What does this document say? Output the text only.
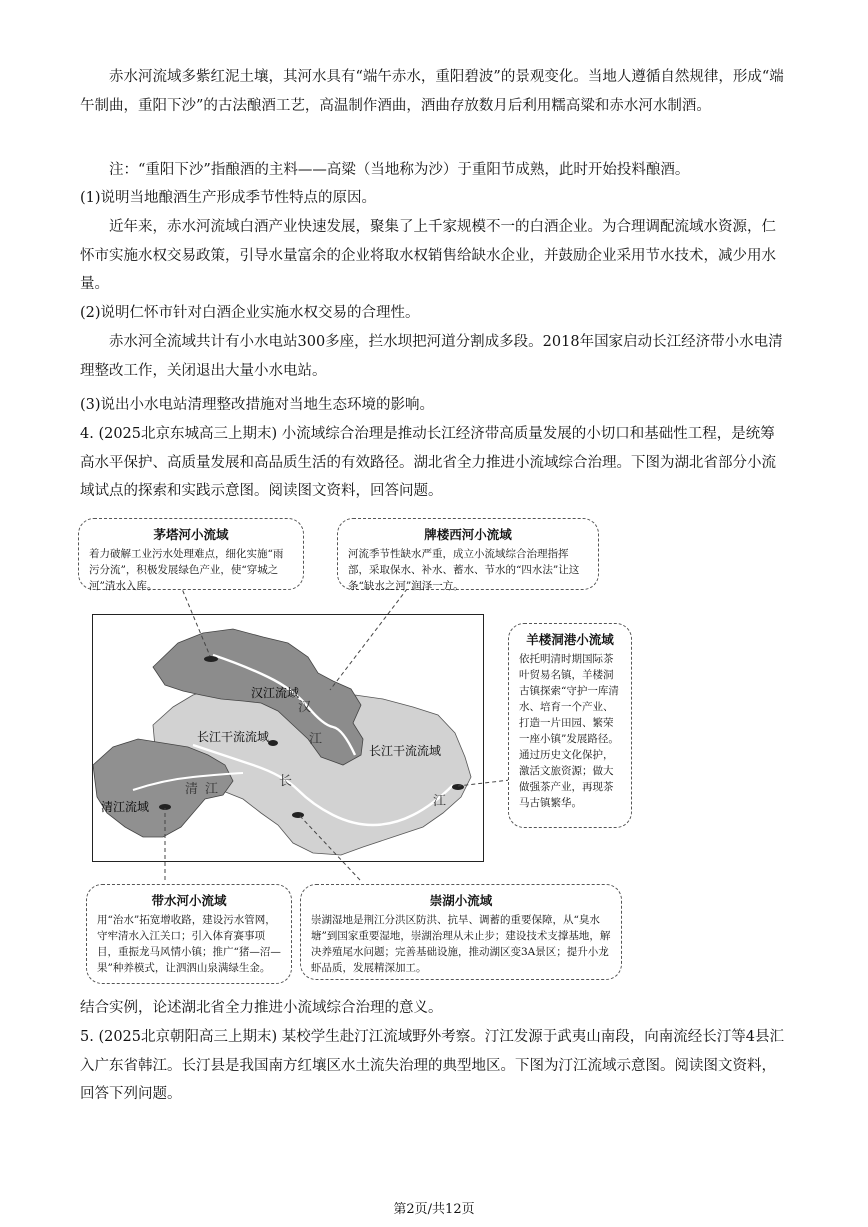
赤水河流域多紫红泥土壤，其河水具有“端午赤水，重阳碧波”的景观变化。当地人遵循自然规律，形成“端午制曲，重阳下沙”的古法酿酒工艺，高温制作酒曲，酒曲存放数月后利用糯高粱和赤水河水制酒。

注：“重阳下沙”指酿酒的主料——高粱（当地称为沙）于重阳节成熟，此时开始投料酿酒。

(1)说明当地酿酒生产形成季节性特点的原因。

近年来，赤水河流域白酒产业快速发展，聚集了上千家规模不一的白酒企业。为合理调配流域水资源，仁怀市实施水权交易政策，引导水量富余的企业将取水权销售给缺水企业，并鼓励企业采用节水技术，减少用水量。

(2)说明仁怀市针对白酒企业实施水权交易的合理性。

赤水河全流域共计有小水电站300多座，拦水坝把河道分割成多段。2018年国家启动长江经济带小水电清理整改工作，关闭退出大量小水电站。

(3)说出小水电站清理整改措施对当地生态环境的影响。

4. (2025北京东城高三上期末) 小流域综合治理是推动长江经济带高质量发展的小切口和基础性工程，是统筹高水平保护、高质量发展和高品质生活的有效路径。湖北省全力推进小流域综合治理。下图为湖北省部分小流域试点的探索和实践示意图。阅读图文资料，回答问题。

汉江流域
长江干流流域
长江干流流域
清江流域
汉
江
清 江
长
江
茅塔河小流域

着力破解工业污水处理难点，细化实施“雨污分流”，积极发展绿色产业，使“穿城之河”清水入库。

牌楼西河小流域

河流季节性缺水严重，成立小流域综合治理指挥部，采取保水、补水、蓄水、节水的“四水法”让这条“缺水之河”润泽一方。

羊楼洞港小流域

依托明清时期国际茶叶贸易名镇，羊楼洞古镇探索“守护一库清水、培育一个产业、打造一片田园、繁荣一座小镇”发展路径。通过历史文化保护，激活文旅资源；做大做强茶产业，再现茶马古镇繁华。

带水河小流域

用“治水”拓宽增收路，建设污水管网，守牢清水入江关口；引入体育赛事项目，重振龙马风情小镇；推广“猪—沼—果”种养模式，让泗泗山泉满绿生金。

崇湖小流域

崇湖湿地是荆江分洪区防洪、抗旱、调蓄的重要保障，从“臭水塘”到国家重要湿地，崇湖治理从未止步；建设技术支撑基地，解决养殖尾水问题；完善基础设施，推动湖区变3A景区；提升小龙虾品质，发展精深加工。

结合实例，论述湖北省全力推进小流域综合治理的意义。

5. (2025北京朝阳高三上期末) 某校学生赴汀江流域野外考察。汀江发源于武夷山南段，向南流经长汀等4县汇入广东省韩江。长汀县是我国南方红壤区水土流失治理的典型地区。下图为汀江流域示意图。阅读图文资料，回答下列问题。

第2页/共12页
